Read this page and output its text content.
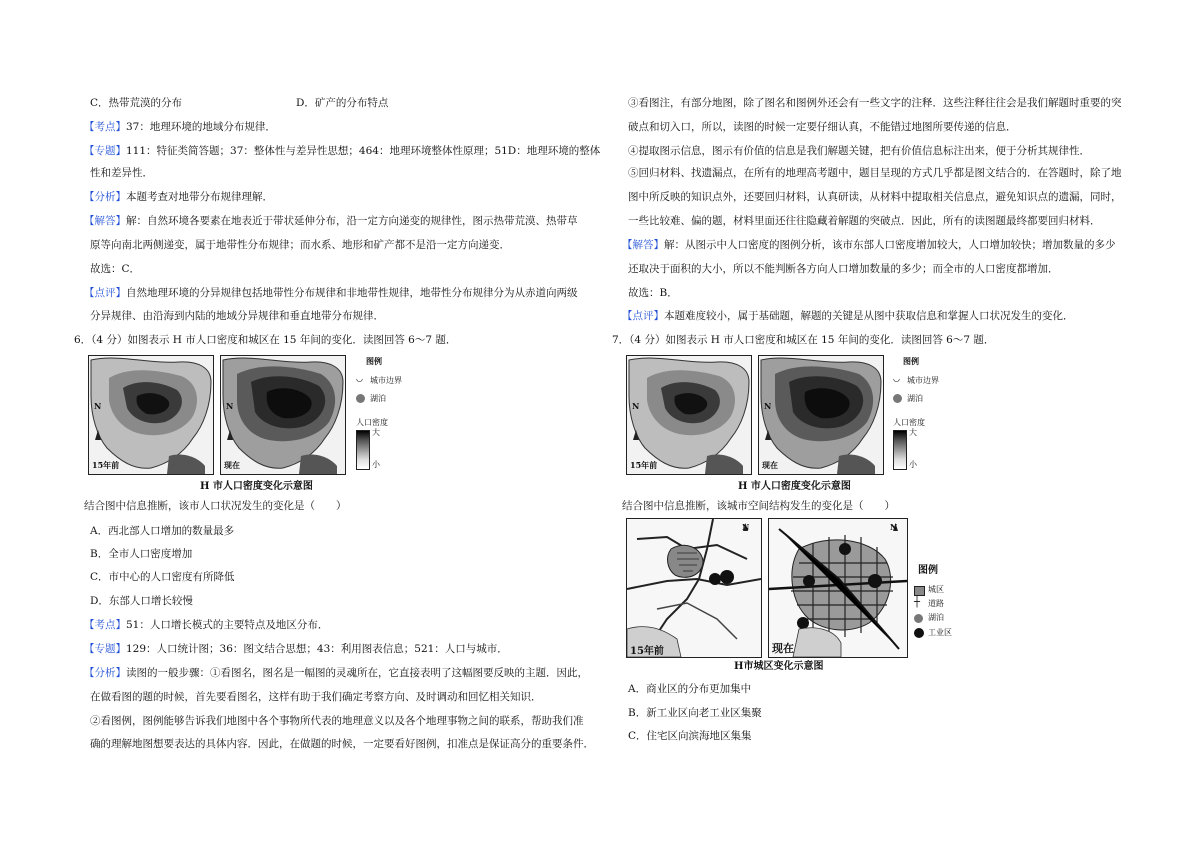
C．热带荒漠的分布	D．矿产的分布特点
【考点】37：地理环境的地域分布规律．
【专题】111：特征类简答题；37：整体性与差异性思想；464：地理环境整体性原理；51D：地理环境的整体
性和差异性．
【分析】本题考查对地带分布规律理解．
【解答】解：自然环境各要素在地表近于带状延伸分布，沿一定方向递变的规律性，图示热带荒漠、热带草
原等向南北两侧递变，属于地带性分布规律；而水系、地形和矿产都不是沿一定方向递变．
故选：C．
【点评】自然地理环境的分异规律包括地带性分布规律和非地带性规律，地带性分布规律分为从赤道向两级
分异规律、由沿海到内陆的地域分异规律和垂直地带分布规律．
6．（4 分）如图表示 H 市人口密度和城区在 15 年间的变化．读图回答 6～7 题．
N
15年前
N
现在
图例
◡ 城市边界
湖泊
人口密度
大
小
H 市人口密度变化示意图
结合图中信息推断，该市人口状况发生的变化是（　　）
A．西北部人口增加的数量最多
B．全市人口密度增加
C．市中心的人口密度有所降低
D．东部人口增长较慢
【考点】51：人口增长模式的主要特点及地区分布．
【专题】129：人口统计图；36：图文结合思想；43：利用图表信息；521：人口与城市．
【分析】读图的一般步骤：①看图名，图名是一幅图的灵魂所在，它直接表明了这幅图要反映的主题．因此，
在做看图的题的时候，首先要看图名，这样有助于我们确定考察方向、及时调动和回忆相关知识．
②看图例，图例能够告诉我们地图中各个事物所代表的地理意义以及各个地理事物之间的联系，帮助我们准
确的理解地图想要表达的具体内容．因此，在做题的时候，一定要看好图例，扣准点是保证高分的重要条件．
③看图注，有部分地图，除了图名和图例外还会有一些文字的注释．这些注释往往会是我们解题时重要的突
破点和切入口，所以，读图的时候一定要仔细认真，不能错过地图所要传递的信息．
④提取图示信息，图示有价值的信息是我们解题关键，把有价值信息标注出来，便于分析其规律性．
⑤回归材料、找遗漏点，在所有的地理高考题中，题目呈现的方式几乎都是图文结合的．在答题时，除了地
图中所反映的知识点外，还要回归材料，认真研读，从材料中提取相关信息点，避免知识点的遗漏，同时，
一些比较难、偏的题，材料里面还往往隐藏着解题的突破点．因此，所有的读图题最终都要回归材料．
【解答】解：从图示中人口密度的图例分析，该市东部人口密度增加较大，人口增加较快；增加数量的多少
还取决于面积的大小，所以不能判断各方向人口增加数量的多少；而全市的人口密度都增加．
故选：B．
【点评】本题难度较小，属于基础题，解题的关键是从图中获取信息和掌握人口状况发生的变化．
7．（4 分）如图表示 H 市人口密度和城区在 15 年间的变化．读图回答 6～7 题．
N
15年前
N
现在
图例
◡ 城市边界
湖泊
人口密度
大
小
H 市人口密度变化示意图
结合图中信息推断，该城市空间结构发生的变化是（　　）
N
15年前
N
现在
图例
城区
┼ 道路
湖泊
工业区
H市城区变化示意图
A．商业区的分布更加集中
B．新工业区向老工业区集聚
C．住宅区向滨海地区集集
